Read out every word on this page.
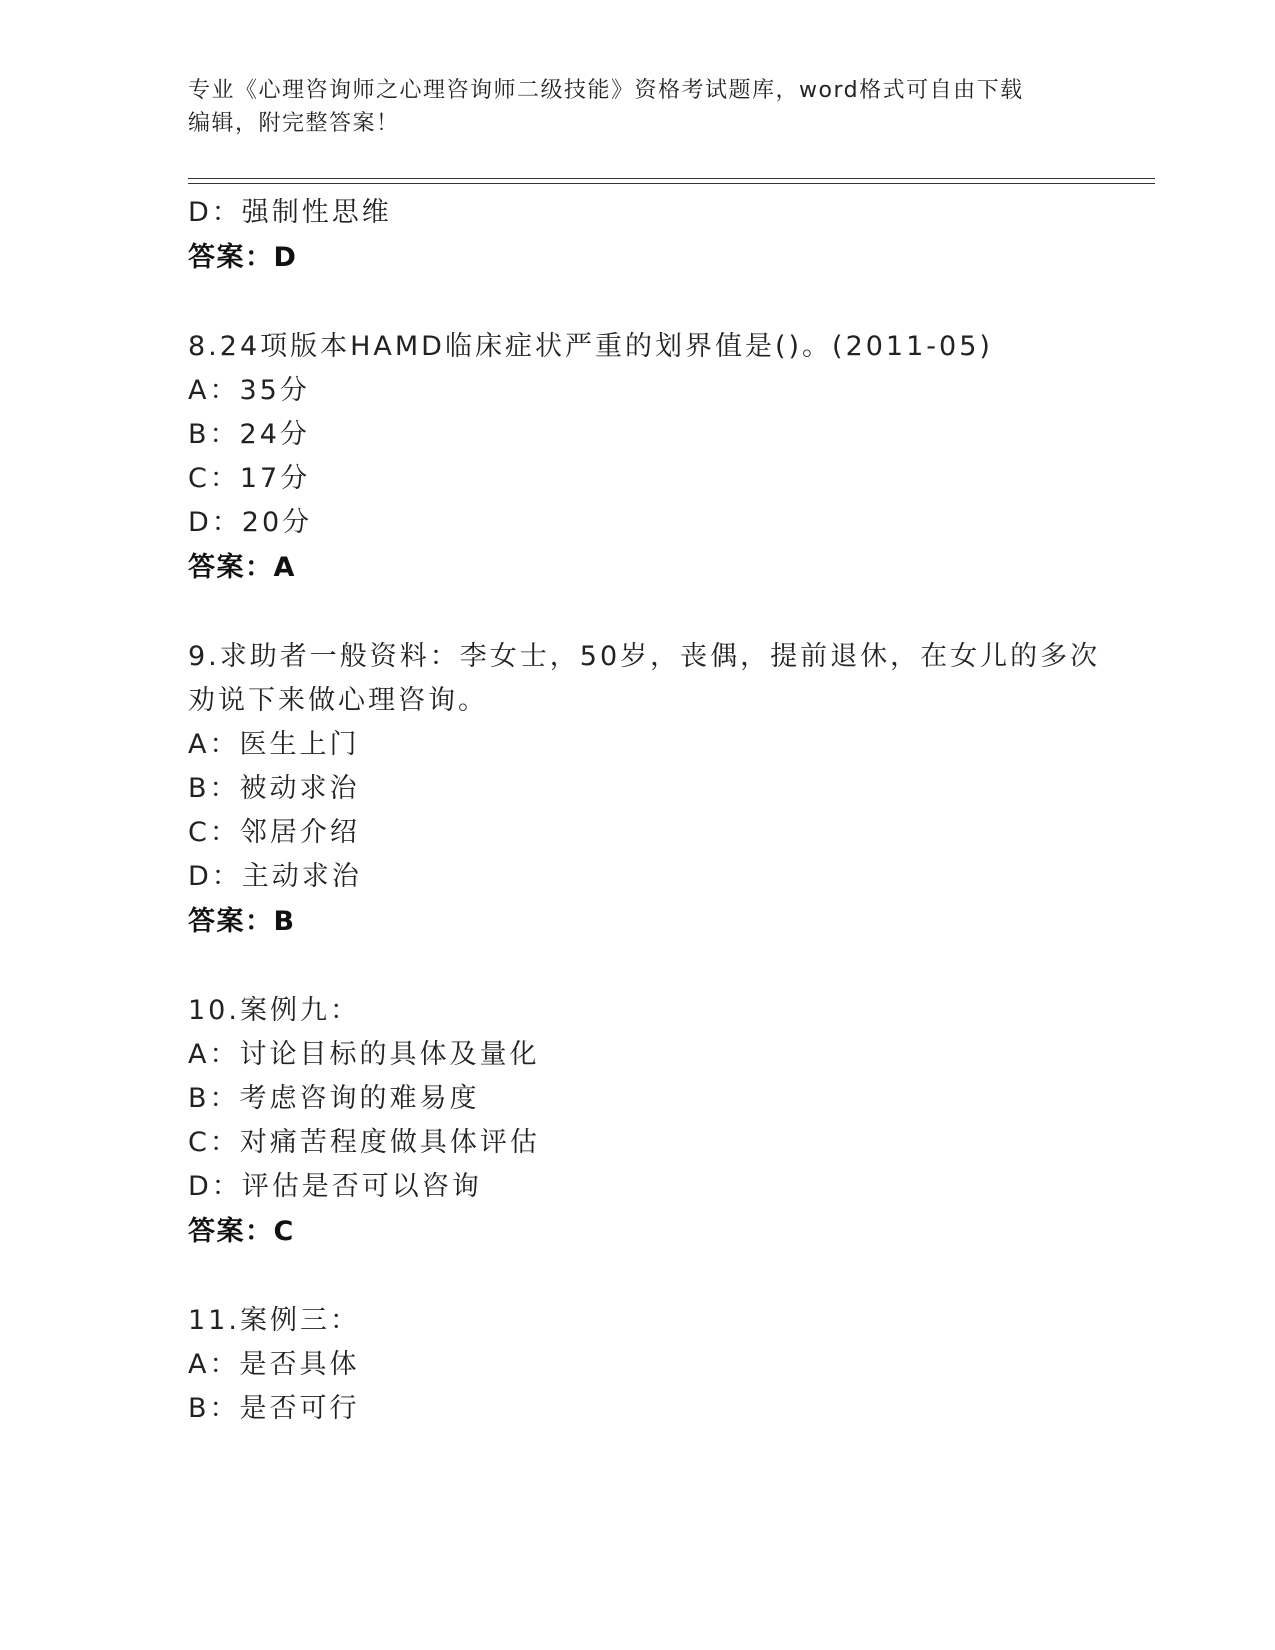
专业《心理咨询师之心理咨询师二级技能》资格考试题库，word格式可自由下载
编辑，附完整答案！
D：强制性思维
答案：D
8.24项版本HAMD临床症状严重的划界值是()。(2011-05)
A：35分
B：24分
C：17分
D：20分
答案：A
9.求助者一般资料：李女士，50岁，丧偶，提前退休，在女儿的多次
劝说下来做心理咨询。
A：医生上门
B：被动求治
C：邻居介绍
D：主动求治
答案：B
10.案例九：
A：讨论目标的具体及量化
B：考虑咨询的难易度
C：对痛苦程度做具体评估
D：评估是否可以咨询
答案：C
11.案例三：
A：是否具体
B：是否可行
